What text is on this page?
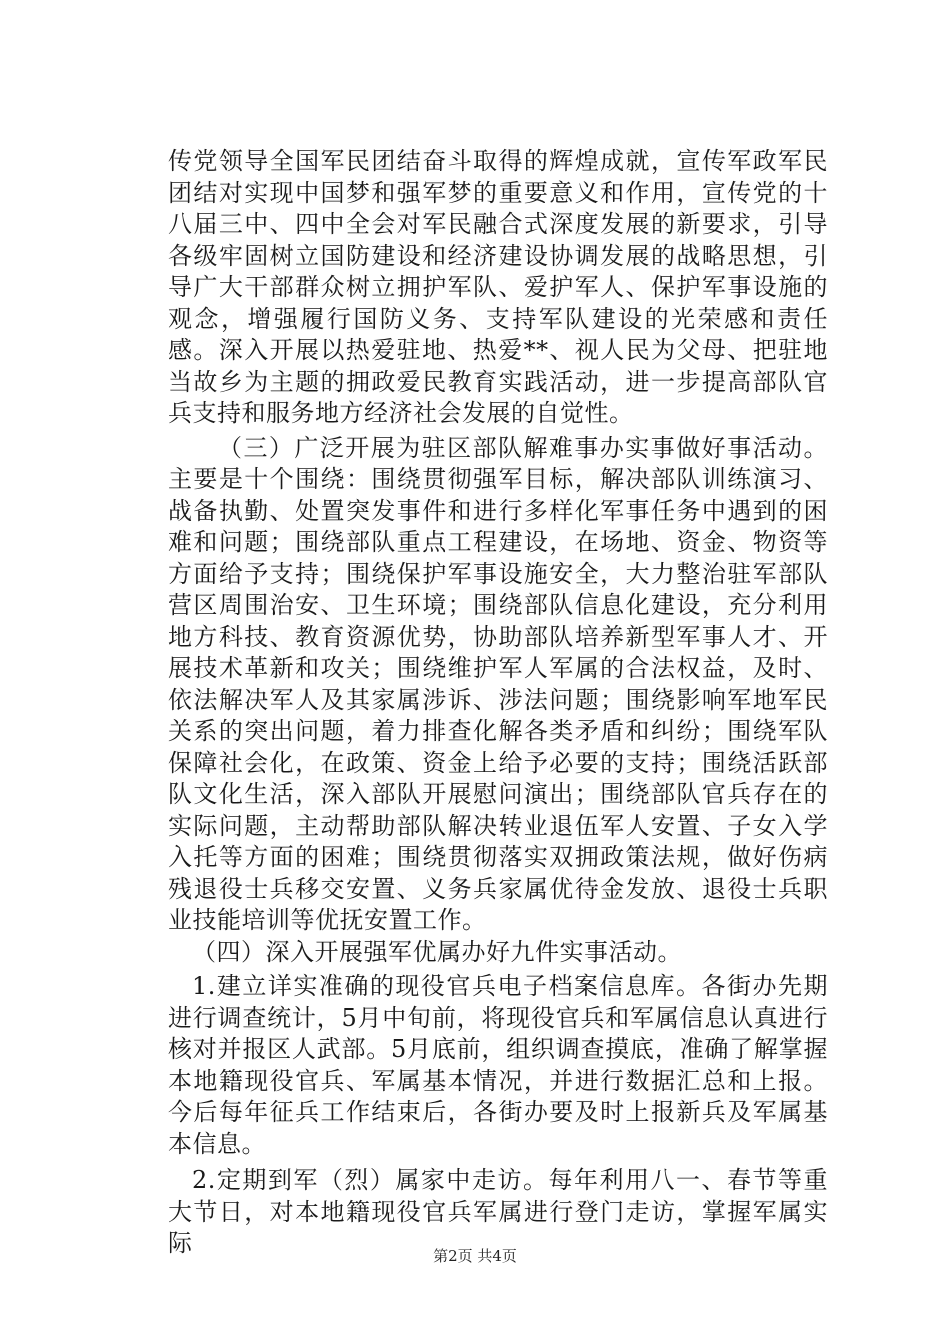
传党领导全国军民团结奋斗取得的辉煌成就，宣传军政军民团结对实现中国梦和强军梦的重要意义和作用，宣传党的十八届三中、四中全会对军民融合式深度发展的新要求，引导各级牢固树立国防建设和经济建设协调发展的战略思想，引导广大干部群众树立拥护军队、爱护军人、保护军事设施的观念，增强履行国防义务、支持军队建设的光荣感和责任感。深入开展以热爱驻地、热爱**、视人民为父母、把驻地当故乡为主题的拥政爱民教育实践活动，进一步提高部队官兵支持和服务地方经济社会发展的自觉性。

（三）广泛开展为驻区部队解难事办实事做好事活动。主要是十个围绕：围绕贯彻强军目标，解决部队训练演习、战备执勤、处置突发事件和进行多样化军事任务中遇到的困难和问题；围绕部队重点工程建设，在场地、资金、物资等方面给予支持；围绕保护军事设施安全，大力整治驻军部队营区周围治安、卫生环境；围绕部队信息化建设，充分利用地方科技、教育资源优势，协助部队培养新型军事人才、开展技术革新和攻关；围绕维护军人军属的合法权益，及时、依法解决军人及其家属涉诉、涉法问题；围绕影响军地军民关系的突出问题，着力排查化解各类矛盾和纠纷；围绕军队保障社会化，在政策、资金上给予必要的支持；围绕活跃部队文化生活，深入部队开展慰问演出；围绕部队官兵存在的实际问题，主动帮助部队解决转业退伍军人安置、子女入学入托等方面的困难；围绕贯彻落实双拥政策法规，做好伤病残退役士兵移交安置、义务兵家属优待金发放、退役士兵职业技能培训等优抚安置工作。

（四）深入开展强军优属办好九件实事活动。

1.建立详实准确的现役官兵电子档案信息库。各街办先期进行调查统计，5月中旬前，将现役官兵和军属信息认真进行核对并报区人武部。5月底前，组织调查摸底，准确了解掌握本地籍现役官兵、军属基本情况，并进行数据汇总和上报。今后每年征兵工作结束后，各街办要及时上报新兵及军属基本信息。

2.定期到军（烈）属家中走访。每年利用八一、春节等重大节日，对本地籍现役官兵军属进行登门走访，掌握军属实际	第2页 共4页
